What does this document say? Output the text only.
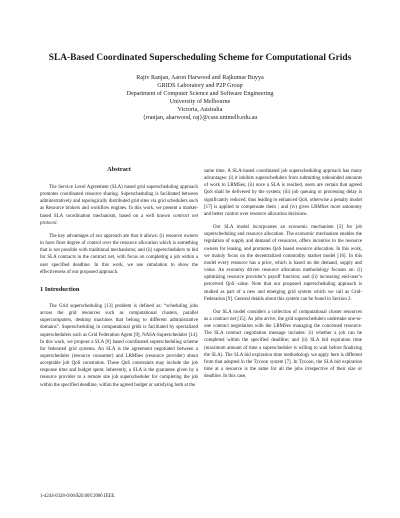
SLA-Based Coordinated Superscheduling Scheme for Computational Grids
Rajiv Ranjan, Aaron Harwood and Rajkumar Buyya
GRIDS Laboratory and P2P Group
Department of Computer Science and Software Engineering
University of Melbourne
Victoria, Australia
{rranjan, aharwood, raj}@csse.unimelb.edu.au
Abstract

The Service Level Agreement (SLA) based grid superscheduling approach promotes coordinated resource sharing. Superscheduling is facilitated between administratively and topologically distributed grid sites via grid schedulers such as Resource brokers and workflow engines. In this work, we present a market-based SLA coordination mechanism, based on a well known contract net protocol.

The key advantages of our approach are that it allows: (i) resource owners to have finer degree of control over the resource allocation which is something that is not possible with traditional mechanisms; and (ii) superschedulers to bid for SLA contracts in the contract net, with focus on completing a job within a user specified deadline. In this work, we use simulation to show the effectiveness of our proposed approach.

1 Introduction

The Grid superscheduling [13] problem is defined as: “scheduling jobs across the grid resources such as computational clusters, parallel supercomputers, desktop machines that belong to different administrative domains”. Superscheduling in computational grids is facilitated by specialized superschedulers such as Grid Federation Agent [9], NASA-Superscheduler [14]. In this work, we propose a SLA [8] based coordinated superscheduling scheme for federated grid systems. An SLA is the agreement negotiated between a superscheduler (resource consumer) and LRMSes (resource provider) about acceptable job QoS constraints. These QoS constraints may include the job response time and budget spent. Inherently, a SLA is the guarantee given by a resource provider to a remote site job superscheduler for completing the job within the specified deadline, within the agreed budget or satisfying both at the

same time. A SLA-based coordinated job superscheduling approach has many advantages: (i) it inhibits superschedulers from submitting unbounded amounts of work to LRMSes; (ii) once a SLA is reached, users are certain that agreed QoS shall be delivered by the system; (iii) job queuing or processing delay is significantly reduced, thus leading to enhanced QoS, otherwise a penalty model [17] is applied to compensate them ; and (iv) gives LRMSes more autonomy and better control over resource allocation decisions.

Our SLA model incorporates an economic mechanism [3] for job superscheduling and resource allocation. The economic mechanism enables the regulation of supply and demand of resources, offers incentive to the resource owners for leasing, and promotes QoS based resource allocation. In this work, we mainly focus on the decentralized commodity market model [16]. In this model every resource has a price, which is based on the demand, supply and value. An economy driven resource allocation methodology focuses on: (i) optimizing resource provider’s payoff function; and (ii) increasing end-user’s perceived QoS value. Note that our proposed superscheduling approach is studied as part of a new and emerging grid system which we call as Grid-Federation [9]. General details about this system can be found in Section 2.

Our SLA model considers a collection of computational cluster resources as a contract net [15]. As jobs arrive, the grid superschedulers undertake one-to-one contract negotiation with the LRMSes managing the concerned resource. The SLA contract negotiation message includes: (i) whether a job can be completed within the specified deadline; and (ii) SLA bid expiration time (maximum amount of time a superscheduler is willing to wait before finalizing the SLA). The SLA bid expiration time methodology we apply here is different from that adopted in the Tycoon system [7]. In Tycoon, the SLA bid expiration time at a resource is the same for all the jobs irrespective of their size or deadline. In this case,

1-4244-0328-6/06/$20.00©2006 IEEE.
